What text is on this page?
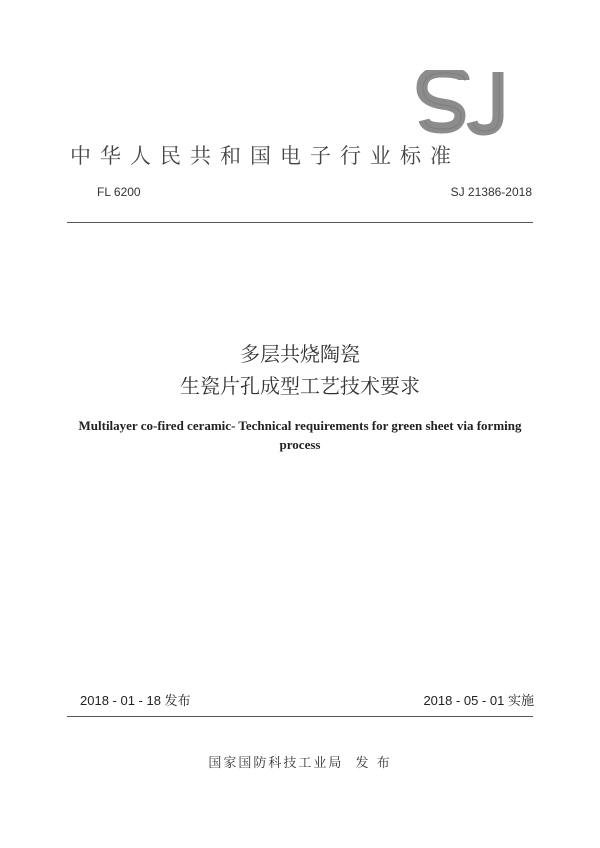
中华人民共和国电子行业标准
FL 6200	SJ 21386-2018
多层共烧陶瓷
生瓷片孔成型工艺技术要求
Multilayer co-fired ceramic- Technical requirements for green sheet via forming
process
2018 - 01 - 18 发布	2018 - 05 - 01 实施
国家国防科技工业局 发 布
